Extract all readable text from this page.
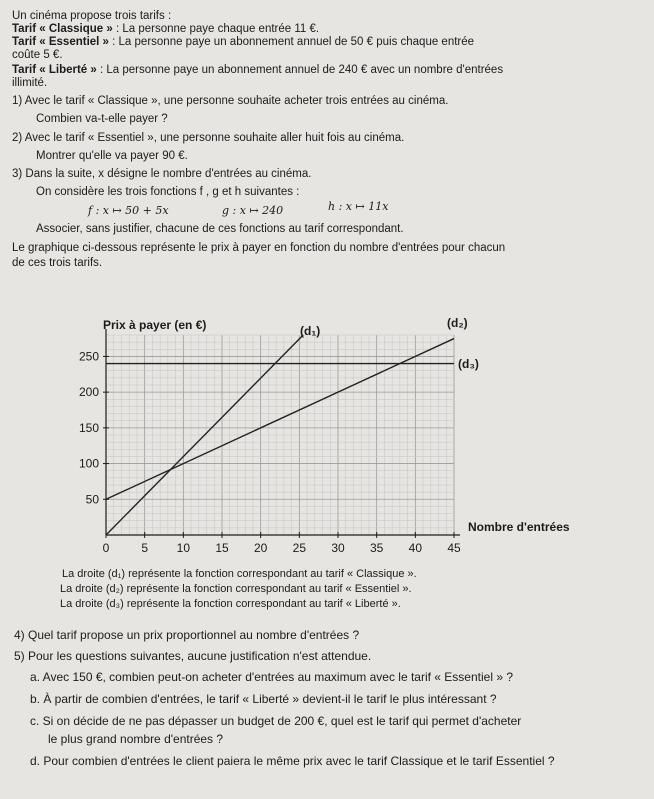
Un cinéma propose trois tarifs :
Tarif « Classique » : La personne paye chaque entrée 11 €.
Tarif « Essentiel » : La personne paye un abonnement annuel de 50 € puis chaque entrée
coûte 5 €.
Tarif « Liberté » : La personne paye un abonnement annuel de 240 € avec un nombre d'entrées
illimité.
1) Avec le tarif « Classique », une personne souhaite acheter trois entrées au cinéma.
Combien va-t-elle payer ?
2) Avec le tarif « Essentiel », une personne souhaite aller huit fois au cinéma.
Montrer qu'elle va payer 90 €.
3) Dans la suite, x désigne le nombre d'entrées au cinéma.
On considère les trois fonctions f , g et h suivantes :
f : x ↦ 50 + 5x	g : x ↦ 240	h : x ↦ 11x
Associer, sans justifier, chacune de ces fonctions au tarif correspondant.
Le graphique ci-dessous représente le prix à payer en fonction du nombre d'entrées pour chacun
de ces trois tarifs.
0	5 10 15 20 25 30 35 40 45
50
100
150
200
250
Prix à payer (en €)
Nombre d'entrées
(d₁)
(d₂)
(d₃)
La droite (d₁) représente la fonction correspondant au tarif « Classique ».
La droite (d₂) représente la fonction correspondant au tarif « Essentiel ».
La droite (d₃) représente la fonction correspondant au tarif « Liberté ».
4) Quel tarif propose un prix proportionnel au nombre d'entrées ?
5) Pour les questions suivantes, aucune justification n'est attendue.
a. Avec 150 €, combien peut-on acheter d'entrées au maximum avec le tarif « Essentiel » ?
b. À partir de combien d'entrées, le tarif « Liberté » devient-il le tarif le plus intéressant ?
c. Si on décide de ne pas dépasser un budget de 200 €, quel est le tarif qui permet d'acheter
le plus grand nombre d'entrées ?
d. Pour combien d'entrées le client paiera le même prix avec le tarif Classique et le tarif Essentiel ?
